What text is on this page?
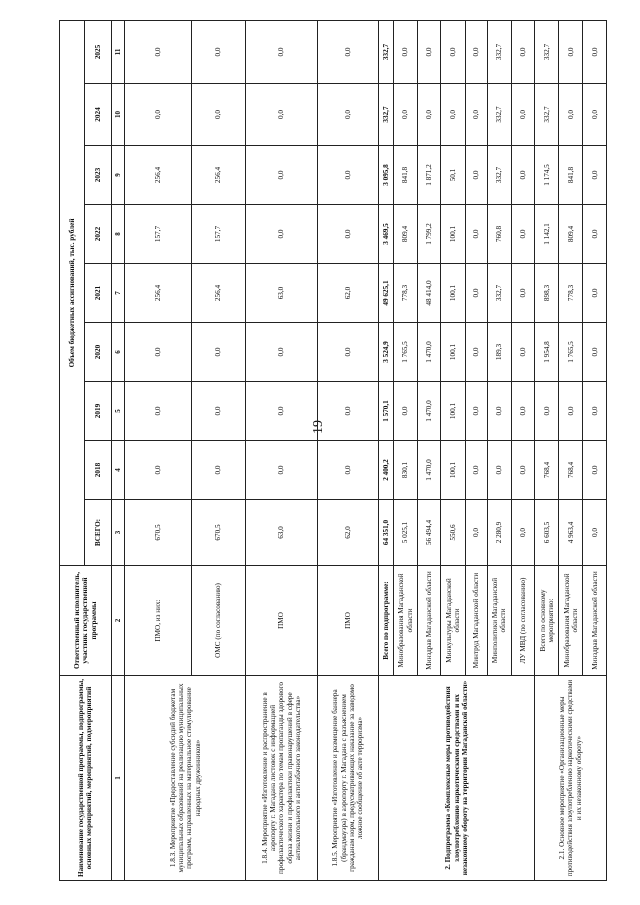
19
Наименование государственной программы, подпрограммы, основных мероприятий, мероприятий, подмероприятий	Ответственный исполнитель, участник государственной программы	Объем бюджетных ассигнований, тыс. рублей								
		ВСЕГО:	2018	2019	2020	2021	2022	2023	2024	2025
1	2	3	4	5	6	7	8	9	10	11
1.8.3. Мероприятие «Предоставление субсидий бюджетам муниципальных образований на реализацию муниципальных программ, направленных на материальное стимулирование народных дружинников»	ПМО, из них:	670,5	0,0	0,0	0,0	256,4	157,7	256,4	0,0	0,0
	ОМС (по согласованию)	670,5	0,0	0,0	0,0	256,4	157,7	256,4	0,0	0,0
1.8.4. Мероприятие «Изготовление и распространение в аэропорту г. Магадана листовок с информацией профилактического характера по темам пропаганды здорового образа жизни и профилактики правонарушений в сфере антиалкогольного и антитабачного законодательства»	ПМО	63,0	0,0	0,0	0,0	63,0	0,0	0,0	0,0	0,0
1.8.5. Мероприятие «Изготовление и размещение баннера (брандмауэра) в аэропорту г. Магадана с разъяснением гражданам норм, предусматривающих наказание за заведомо ложное сообщение об акте терроризма»	ПМО	62,0	0,0	0,0	0,0	62,0	0,0	0,0	0,0	0,0
2. Подпрограмма «Комплексные меры противодействия злоупотреблению наркотическими средствами и их незаконному обороту на территории Магаданской области»	Всего по подпрограмме:	64 351,0	2 400,2	1 570,1	3 524,9	49 625,1	3 469,5	3 095,8	332,7	332,7
	Минобразования Магаданской области	5 025,1	830,1	0,0	1 765,5	778,3	809,4	841,8	0,0	0,0
	Минздрав Магаданской области	56 494,4	1 470,0	1 470,0	1 470,0	48 414,0	1 799,2	1 871,2	0,0	0,0
	Минкультуры Магаданской области	550,6	100,1	100,1	100,1	100,1	100,1	50,1	0,0	0,0
	Минтруд Магаданской области	0,0	0,0	0,0	0,0	0,0	0,0	0,0	0,0	0,0
	Минполитики Магаданской области	2 280,9	0,0	0,0	189,3	332,7	760,8	332,7	332,7	332,7
	ЛУ МВД (по согласованию)	0,0	0,0	0,0	0,0	0,0	0,0	0,0	0,0	0,0
2.1. Основное мероприятие «Организационные меры противодействия злоупотреблению наркотическими средствами и их незаконному обороту»	Всего по основному мероприятию:	6 603,5	768,4	0,0	1 954,8	898,3	1 142,1	1 174,5	332,7	332,7
	Минобразования Магаданской области	4 963,4	768,4	0,0	1 765,5	778,3	809,4	841,8	0,0	0,0
	Минздрав Магаданской области	0,0	0,0	0,0	0,0	0,0	0,0	0,0	0,0	0,0
